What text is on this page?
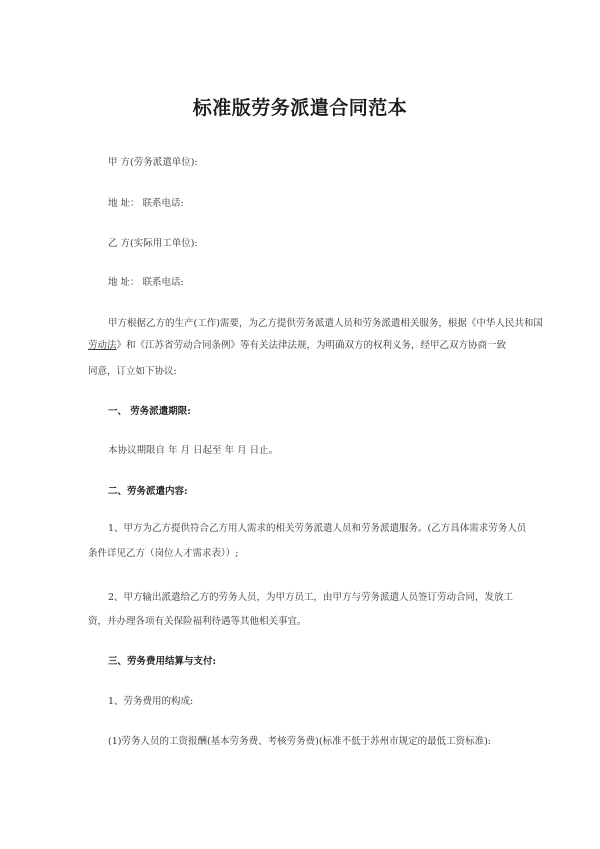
标准版劳务派遣合同范本
甲 方(劳务派遣单位):
地 址： 联系电话:
乙 方(实际用工单位):
地 址： 联系电话:
甲方根据乙方的生产(工作)需要，为乙方提供劳务派遣人员和劳务派遣相关服务，根据《中华人民共和国
劳动法》和《江苏省劳动合同条例》等有关法律法规，为明确双方的权利义务，经甲乙双方协商一致
同意，订立如下协议:
一、 劳务派遣期限:
本协议期限自 年 月 日起至 年 月 日止。
二、劳务派遣内容:
1、甲方为乙方提供符合乙方用人需求的相关劳务派遣人员和劳务派遣服务。(乙方具体需求劳务人员
条件详见乙方（岗位人才需求表））;
2、甲方输出派遣给乙方的劳务人员，为甲方员工，由甲方与劳务派遣人员签订劳动合同，发放工
资，并办理各项有关保险福利待遇等其他相关事宜。
三、劳务费用结算与支付:
1、劳务费用的构成:
(1)劳务人员的工资报酬(基本劳务费、考核劳务费)(标准不低于苏州市规定的最低工资标准):
